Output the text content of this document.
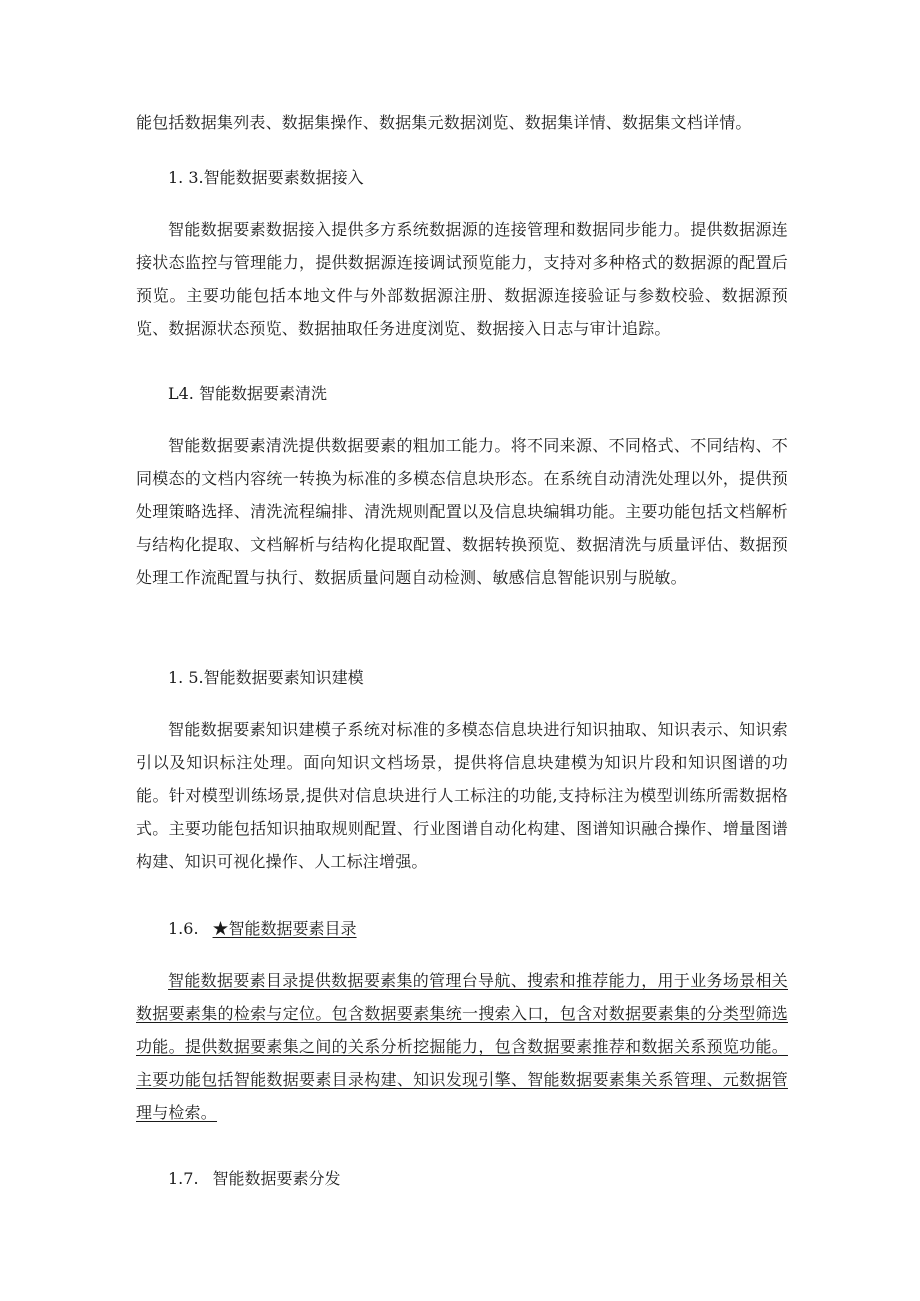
能包括数据集列表、数据集操作、数据集元数据浏览、数据集详情、数据集文档详情。

1. 3.智能数据要素数据接入

智能数据要素数据接入提供多方系统数据源的连接管理和数据同步能力。提供数据源连接状态监控与管理能力，提供数据源连接调试预览能力，支持对多种格式的数据源的配置后预览。主要功能包括本地文件与外部数据源注册、数据源连接验证与参数校验、数据源预览、数据源状态预览、数据抽取任务进度浏览、数据接入日志与审计追踪。

L4. 智能数据要素清洗

智能数据要素清洗提供数据要素的粗加工能力。将不同来源、不同格式、不同结构、不同模态的文档内容统一转换为标准的多模态信息块形态。在系统自动清洗处理以外，提供预处理策略选择、清洗流程编排、清洗规则配置以及信息块编辑功能。主要功能包括文档解析与结构化提取、文档解析与结构化提取配置、数据转换预览、数据清洗与质量评估、数据预处理工作流配置与执行、数据质量问题自动检测、敏感信息智能识别与脱敏。

1. 5.智能数据要素知识建模

智能数据要素知识建模子系统对标准的多模态信息块进行知识抽取、知识表示、知识索引以及知识标注处理。面向知识文档场景，提供将信息块建模为知识片段和知识图谱的功能。针对模型训练场景,提供对信息块进行人工标注的功能,支持标注为模型训练所需数据格式。主要功能包括知识抽取规则配置、行业图谱自动化构建、图谱知识融合操作、增量图谱构建、知识可视化操作、人工标注增强。

1.6. ★智能数据要素目录

智能数据要素目录提供数据要素集的管理台导航、搜索和推荐能力，用于业务场景相关数据要素集的检索与定位。包含数据要素集统一搜索入口，包含对数据要素集的分类型筛选功能。提供数据要素集之间的关系分析挖掘能力，包含数据要素推荐和数据关系预览功能。主要功能包括智能数据要素目录构建、知识发现引擎、智能数据要素集关系管理、元数据管理与检索。

1.7. 智能数据要素分发
